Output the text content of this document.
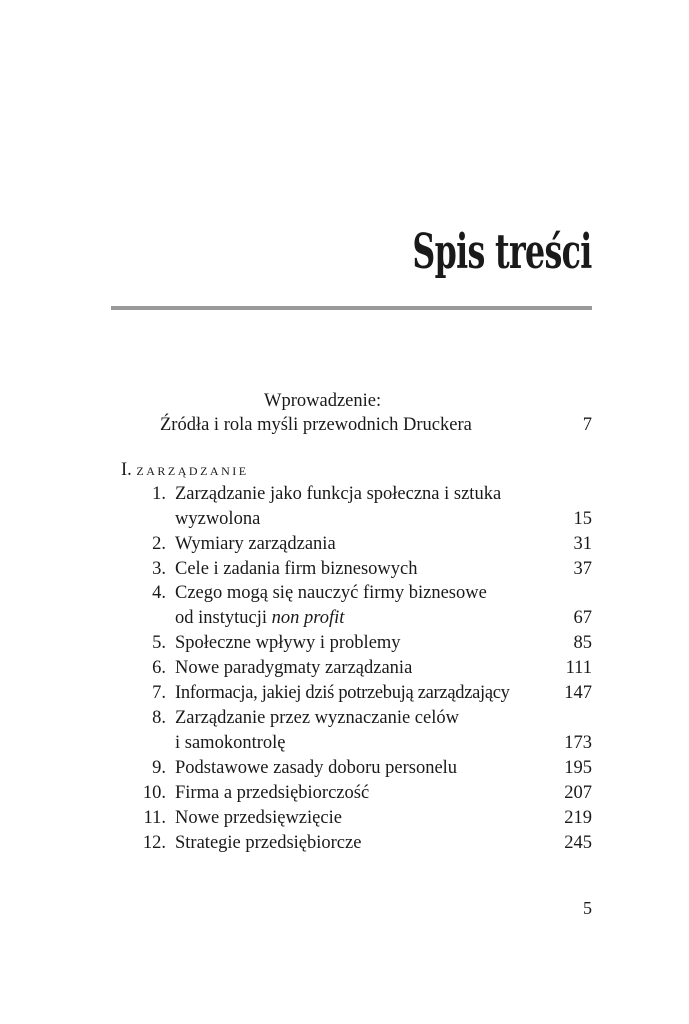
Spis treści
Wprowadzenie:
Źródła i rola myśli przewodnich Druckera	7
I. ZARZĄDZANIE
1. Zarządzanie jako funkcja społeczna i sztuka
wyzwolona	15
2. Wymiary zarządzania	31
3. Cele i zadania firm biznesowych	37
4. Czego mogą się nauczyć firmy biznesowe
od instytucji non profit	67
5. Społeczne wpływy i problemy	85
6. Nowe paradygmaty zarządzania	111
7. Informacja, jakiej dziś potrzebują zarządzający	147
8. Zarządzanie przez wyznaczanie celów
i samokontrolę	173
9. Podstawowe zasady doboru personelu	195
10. Firma a przedsiębiorczość	207
11. Nowe przedsięwzięcie	219
12. Strategie przedsiębiorcze	245
5
